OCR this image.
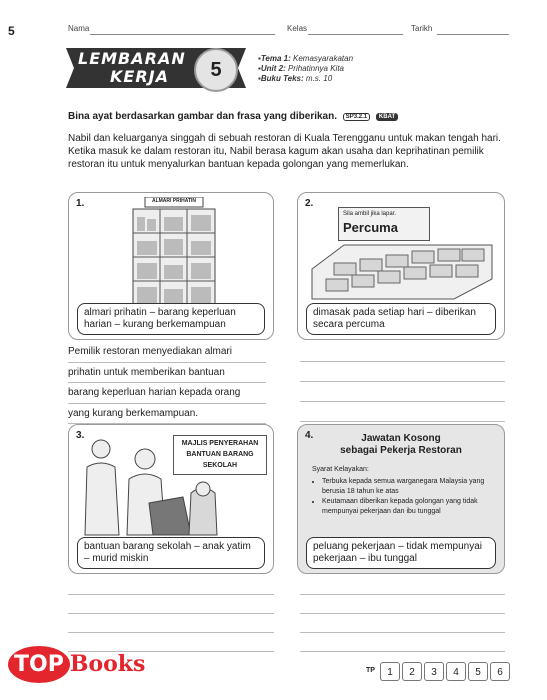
5	Nama	Kelas	Tarikh
LEMBARAN
KERJA	5
▪ Tema 1: Kemasyarakatan
▪ Unit 2: Prihatinnya Kita
▪ Buku Teks: m.s. 10
Bina ayat berdasarkan gambar dan frasa yang diberikan. SP3.2.1 KBAT
Nabil dan keluarganya singgah di sebuah restoran di Kuala Terengganu untuk makan tengah hari. Ketika masuk ke dalam restoran itu, Nabil berasa kagum akan usaha dan keprihatinan pemilik restoran itu untuk menyalurkan bantuan kepada golongan yang memerlukan.
1.	ALMARI PRIHATIN
almari prihatin – barang keperluan harian – kurang berkemampuan
2.
Sila ambil jika lapar.
Percuma
dimasak pada setiap hari – diberikan secara percuma
Pemilik restoran menyediakan almari
prihatin untuk memberikan bantuan
barang keperluan harian kepada orang
yang kurang berkemampuan.
3.
MAJLIS PENYERAHAN BANTUAN BARANG SEKOLAH
bantuan barang sekolah – anak yatim – murid miskin
4.	Jawatan Kosong
sebagai Pekerja Restoran
Syarat Kelayakan:
• Terbuka kepada semua warganegara Malaysia yang berusia 18 tahun ke atas
• Keutamaan diberikan kepada golongan yang tidak mempunyai pekerjaan dan ibu tunggal
peluang pekerjaan – tidak mempunyai pekerjaan – ibu tunggal
TOP Books	TP	1	2	3	4	5	6
